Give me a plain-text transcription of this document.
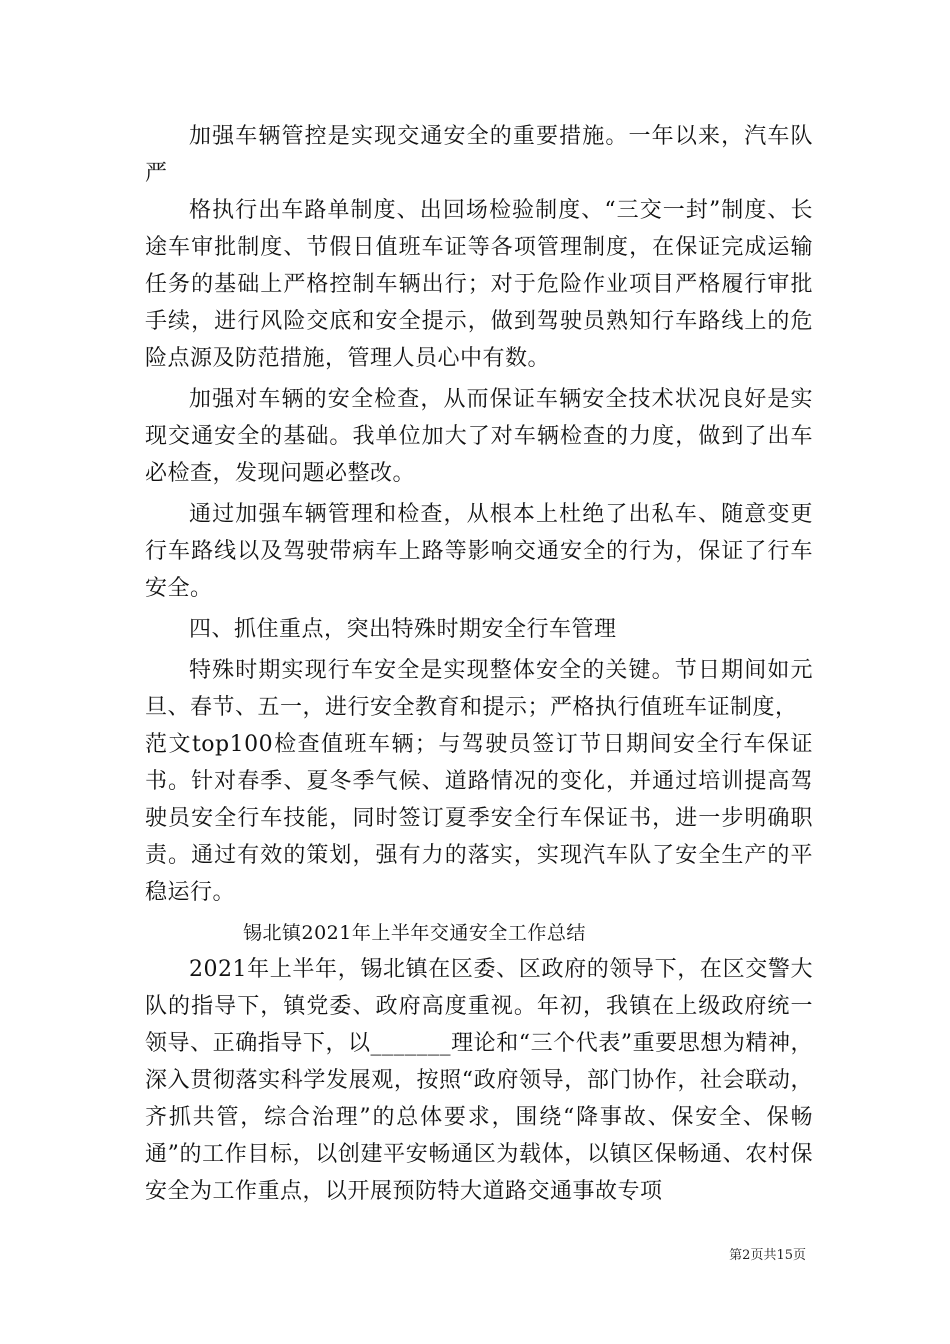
加强车辆管控是实现交通安全的重要措施。一年以来，汽车队严

格执行出车路单制度、出回场检验制度、“三交一封”制度、长途车审批制度、节假日值班车证等各项管理制度，在保证完成运输任务的基础上严格控制车辆出行；对于危险作业项目严格履行审批手续，进行风险交底和安全提示，做到驾驶员熟知行车路线上的危险点源及防范措施，管理人员心中有数。

加强对车辆的安全检查，从而保证车辆安全技术状况良好是实现交通安全的基础。我单位加大了对车辆检查的力度，做到了出车必检查，发现问题必整改。

通过加强车辆管理和检查，从根本上杜绝了出私车、随意变更行车路线以及驾驶带病车上路等影响交通安全的行为，保证了行车安全。

四、抓住重点，突出特殊时期安全行车管理

特殊时期实现行车安全是实现整体安全的关键。节日期间如元旦、春节、五一，进行安全教育和提示；严格执行值班车证制度，

范文top100检查值班车辆；与驾驶员签订节日期间安全行车保证书。针对春季、夏冬季气候、道路情况的变化，并通过培训提高驾驶员安全行车技能，同时签订夏季安全行车保证书，进一步明确职责。通过有效的策划，强有力的落实，实现汽车队了安全生产的平稳运行。

锡北镇2021年上半年交通安全工作总结

2021年上半年，锡北镇在区委、区政府的领导下，在区交警大队的指导下，镇党委、政府高度重视。年初，我镇在上级政府统一领导、正确指导下，以_______理论和“三个代表”重要思想为精神，深入贯彻落实科学发展观，按照“政府领导，部门协作，社会联动，齐抓共管，综合治理”的总体要求，围绕“降事故、保安全、保畅通”的工作目标，以创建平安畅通区为载体，以镇区保畅通、农村保安全为工作重点，以开展预防特大道路交通事故专项

第2页共15页
